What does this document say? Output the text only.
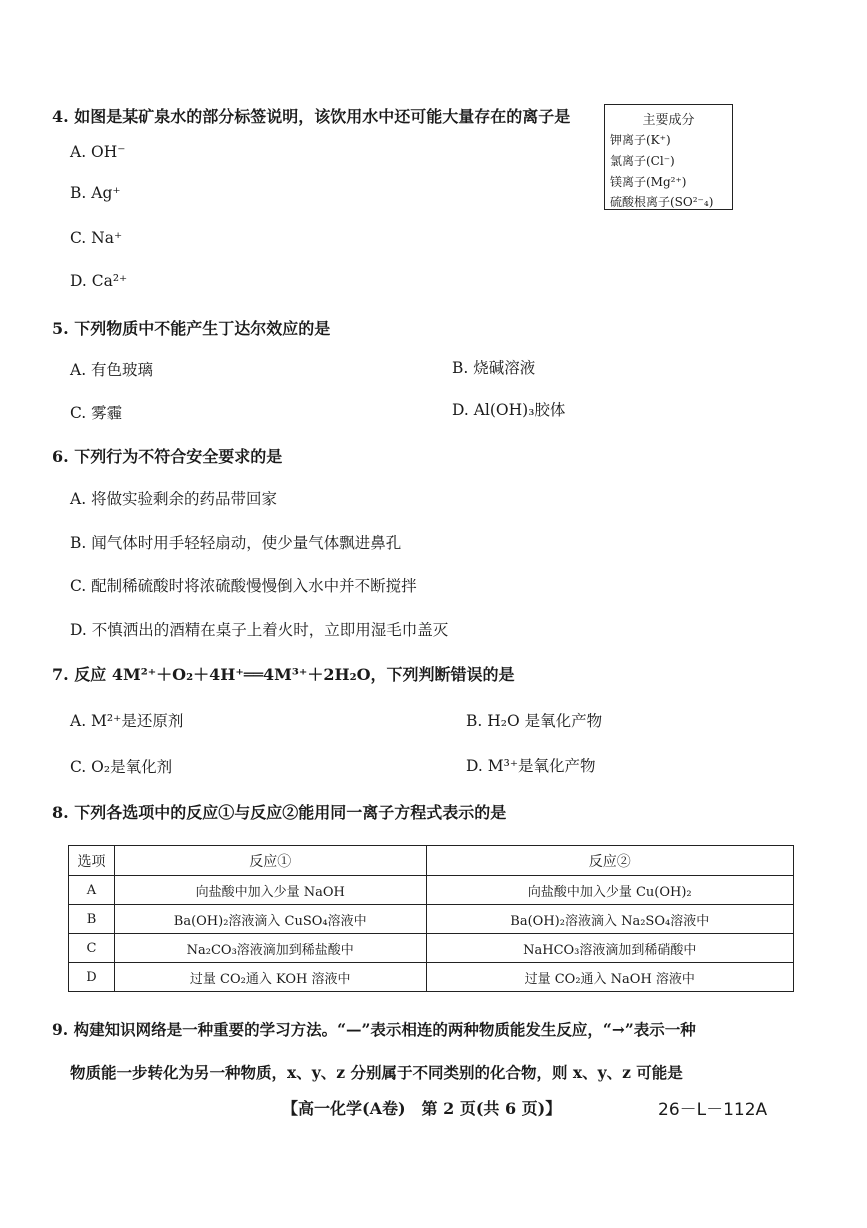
4. 如图是某矿泉水的部分标签说明，该饮用水中还可能大量存在的离子是
A. OH⁻
B. Ag⁺
C. Na⁺
D. Ca²⁺
主要成分
钾离子(K⁺)
氯离子(Cl⁻)
镁离子(Mg²⁺)
硫酸根离子(SO²⁻₄)
5. 下列物质中不能产生丁达尔效应的是
A. 有色玻璃	B. 烧碱溶液
C. 雾霾	D. Al(OH)₃胶体
6. 下列行为不符合安全要求的是
A. 将做实验剩余的药品带回家
B. 闻气体时用手轻轻扇动，使少量气体飘进鼻孔
C. 配制稀硫酸时将浓硫酸慢慢倒入水中并不断搅拌
D. 不慎洒出的酒精在桌子上着火时，立即用湿毛巾盖灭
7. 反应 4M²⁺＋O₂＋4H⁺══4M³⁺＋2H₂O，下列判断错误的是
A. M²⁺是还原剂	B. H₂O 是氧化产物
C. O₂是氧化剂	D. M³⁺是氧化产物
8. 下列各选项中的反应①与反应②能用同一离子方程式表示的是
选项	反应①	反应②
A	向盐酸中加入少量 NaOH	向盐酸中加入少量 Cu(OH)₂
B	Ba(OH)₂溶液滴入 CuSO₄溶液中	Ba(OH)₂溶液滴入 Na₂SO₄溶液中
C	Na₂CO₃溶液滴加到稀盐酸中	NaHCO₃溶液滴加到稀硝酸中
D	过量 CO₂通入 KOH 溶液中	过量 CO₂通入 NaOH 溶液中
9. 构建知识网络是一种重要的学习方法。“—”表示相连的两种物质能发生反应，“→”表示一种
物质能一步转化为另一种物质，x、y、z 分别属于不同类别的化合物，则 x、y、z 可能是
【高一化学(A卷)　第 2 页(共 6 页)】	26－L－112A
